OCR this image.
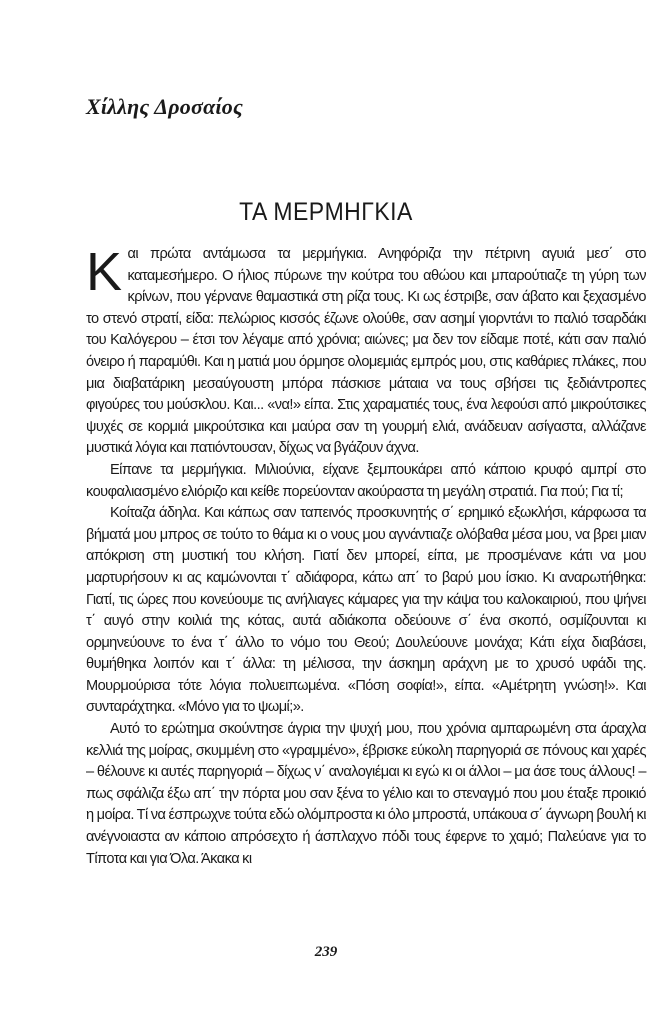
Χίλλης Δροσαίος
ΤΑ ΜΕΡΜΗΓΚΙΑ

Και πρώτα αντάμωσα τα μερμήγκια. Ανηφόριζα την πέτρινη αγυιά μεσ΄ στο καταμεσήμερο. Ο ήλιος πύρωνε την κούτρα του αθώου και μπαρούτιαζε τη γύρη των κρίνων, που γέρνανε θαμαστικά στη ρίζα τους. Κι ως έστριβε, σαν άβατο και ξεχασμένο το στενό στρατί, είδα: πελώριος κισσός έζωνε ολούθε, σαν ασημί γιορντάνι το παλιό τσαρδάκι του Καλόγερου – έτσι τον λέγαμε από χρόνια; αιώνες; μα δεν τον είδαμε ποτέ, κάτι σαν παλιό όνειρο ή παραμύθι. Και η ματιά μου όρμησε ολομεμιάς εμπρός μου, στις καθάριες πλάκες, που μια διαβατάρικη μεσαύγουστη μπόρα πάσκισε μάταια να τους σβήσει τις ξεδιάντροπες φιγούρες του μούσκλου. Και... «να!» είπα. Στις χαραματιές τους, ένα λεφούσι από μικρούτσικες ψυχές σε κορμιά μικρούτσικα και μαύρα σαν τη γουρμή ελιά, ανάδευαν ασίγαστα, αλλάζανε μυστικά λόγια και πατιόντουσαν, δίχως να βγάζουν άχνα.

Είπανε τα μερμήγκια. Μιλιούνια, είχανε ξεμπουκάρει από κάποιο κρυφό αμπρί στο κουφαλιασμένο ελιόριζο και κείθε πορεύονταν ακούραστα τη μεγάλη στρατιά. Για πού; Για τί;

Κοίταζα άδηλα. Και κάπως σαν ταπεινός προσκυνητής σ΄ ερημικό εξωκλήσι, κάρφωσα τα βήματά μου μπρος σε τούτο το θάμα κι ο νους μου αγνάντιαζε ολόβαθα μέσα μου, να βρει μιαν απόκριση στη μυστική του κλήση. Γιατί δεν μπορεί, είπα, με προσμένανε κάτι να μου μαρτυρήσουν κι ας καμώνονται τ΄ αδιάφορα, κάτω απ΄ το βαρύ μου ίσκιο. Κι αναρωτήθηκα: Γιατί, τις ώρες που κονεύουμε τις ανήλιαγες κάμαρες για την κάψα του καλοκαιριού, που ψήνει τ΄ αυγό στην κοιλιά της κότας, αυτά αδιάκοπα οδεύουνε σ΄ ένα σκοπό, οσμίζουνται κι ορμηνεύουνε το ένα τ΄ άλλο το νόμο του Θεού; Δουλεύουνε μονάχα; Κάτι είχα διαβάσει, θυμήθηκα λοιπόν και τ΄ άλλα: τη μέλισσα, την άσκημη αράχνη με το χρυσό υφάδι της. Μουρμούρισα τότε λόγια πολυειπωμένα. «Πόση σοφία!», είπα. «Αμέτρητη γνώση!». Και συνταράχτηκα. «Μόνο για το ψωμί;».

Αυτό το ερώτημα σκούντησε άγρια την ψυχή μου, που χρόνια αμπαρωμένη στα άραχλα κελλιά της μοίρας, σκυμμένη στο «γραμμένο», έβρισκε εύκολη παρηγοριά σε πόνους και χαρές – θέλουνε κι αυτές παρηγοριά – δίχως ν΄ αναλογιέμαι κι εγώ κι οι άλλοι – μα άσε τους άλλους! – πως σφάλιζα έξω απ΄ την πόρτα μου σαν ξένα το γέλιο και το στεναγμό που μου έταξε προικιό η μοίρα. Τί να έσπρωχνε τούτα εδώ ολόμπροστα κι όλο μπροστά, υπάκουα σ΄ άγνωρη βουλή κι ανέγνοιαστα αν κάποιο απρόσεχτο ή άσπλαχνο πόδι τους έφερνε το χαμό; Παλεύανε για το Τίποτα και για Όλα. Άκακα κι

239
